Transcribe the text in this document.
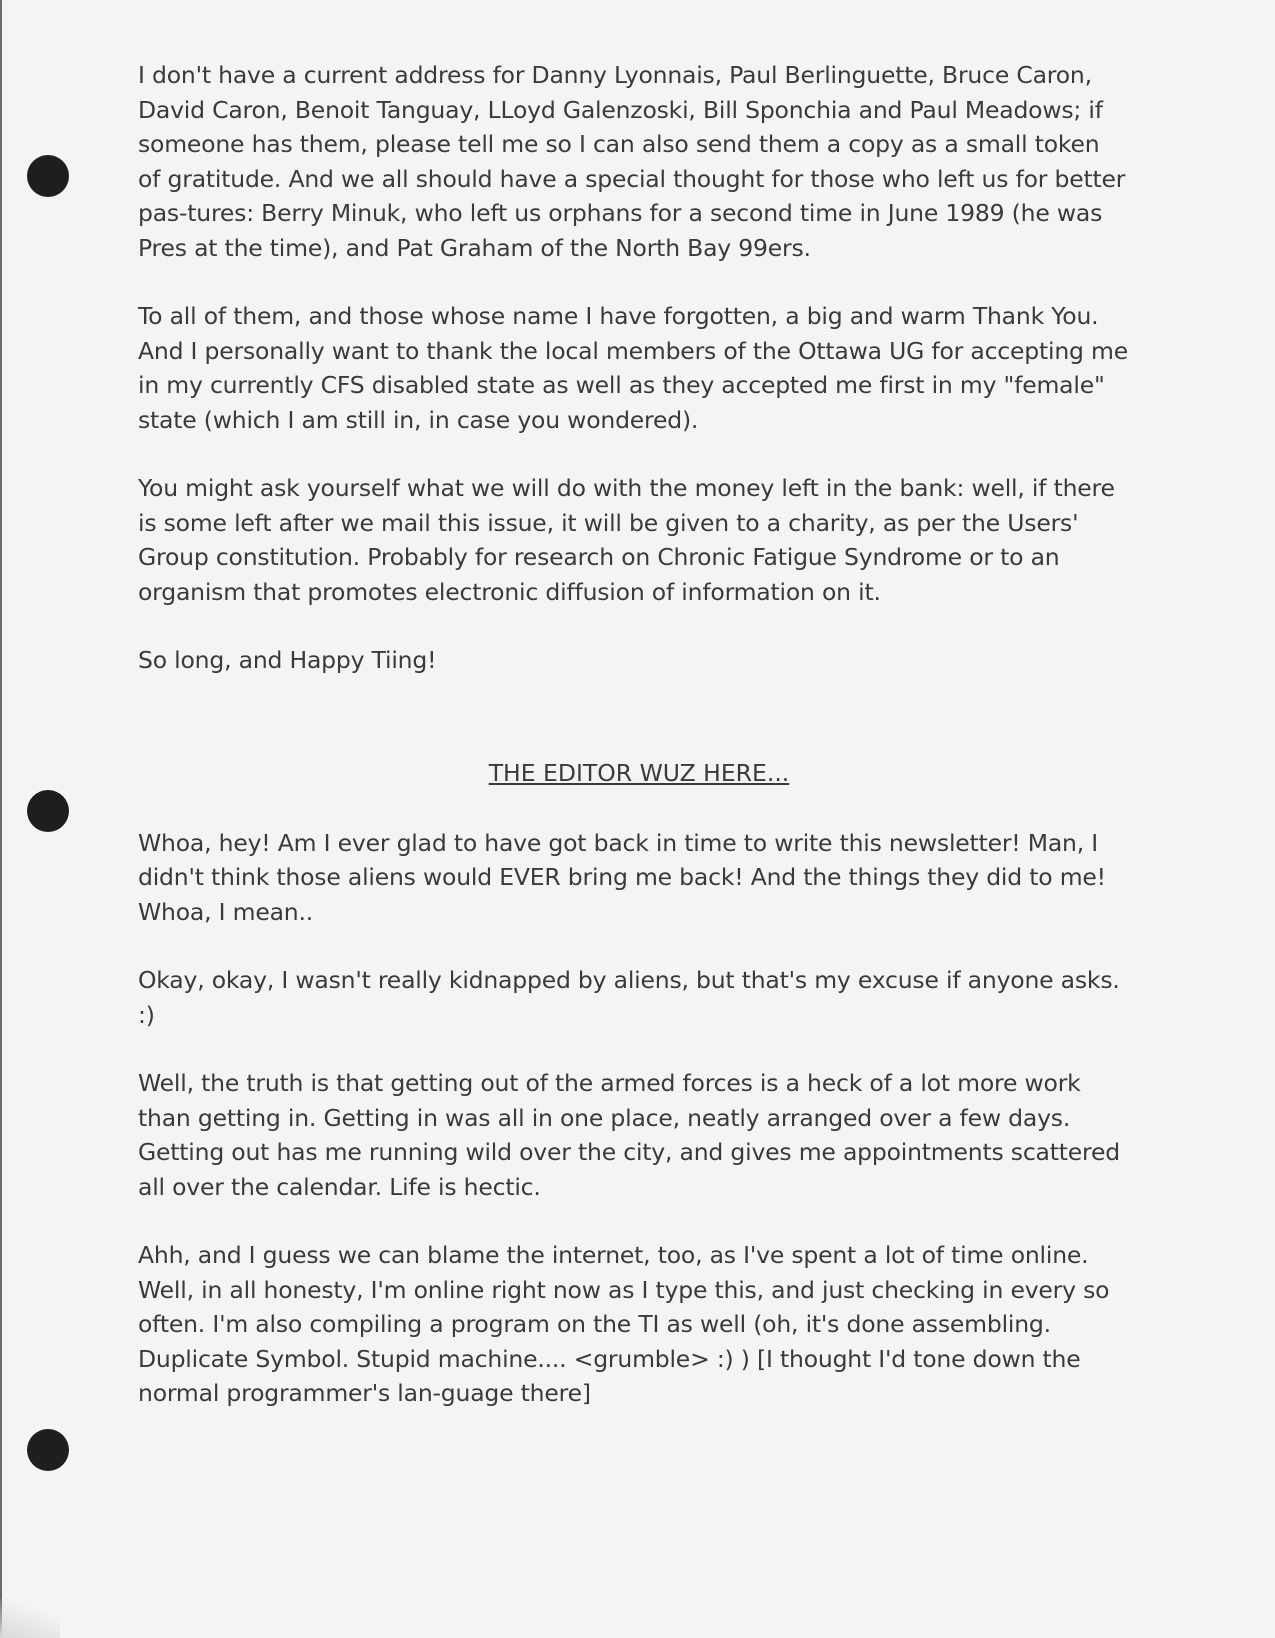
I don't have a current address for Danny Lyonnais, Paul Berlinguette, Bruce Caron, David Caron, Benoit Tanguay, LLoyd Galenzoski, Bill Sponchia and Paul Meadows; if someone has them, please tell me so I can also send them a copy as a small token of gratitude. And we all should have a special thought for those who left us for better pas-tures: Berry Minuk, who left us orphans for a second time in June 1989 (he was Pres at the time), and Pat Graham of the North Bay 99ers.

To all of them, and those whose name I have forgotten, a big and warm Thank You. And I personally want to thank the local members of the Ottawa UG for accepting me in my currently CFS disabled state as well as they accepted me first in my "female" state (which I am still in, in case you wondered).

You might ask yourself what we will do with the money left in the bank: well, if there is some left after we mail this issue, it will be given to a charity, as per the Users' Group constitution. Probably for research on Chronic Fatigue Syndrome or to an organism that promotes electronic diffusion of information on it.

So long, and Happy Tiing!

THE EDITOR WUZ HERE...

Whoa, hey! Am I ever glad to have got back in time to write this newsletter! Man, I didn't think those aliens would EVER bring me back! And the things they did to me! Whoa, I mean..

Okay, okay, I wasn't really kidnapped by aliens, but that's my excuse if anyone asks. :)

Well, the truth is that getting out of the armed forces is a heck of a lot more work than getting in. Getting in was all in one place, neatly arranged over a few days. Getting out has me running wild over the city, and gives me appointments scattered all over the calendar. Life is hectic.

Ahh, and I guess we can blame the internet, too, as I've spent a lot of time online. Well, in all honesty, I'm online right now as I type this, and just checking in every so often. I'm also compiling a program on the TI as well (oh, it's done assembling. Duplicate Symbol. Stupid machine.... <grumble> :) ) [I thought I'd tone down the normal programmer's lan-guage there]
